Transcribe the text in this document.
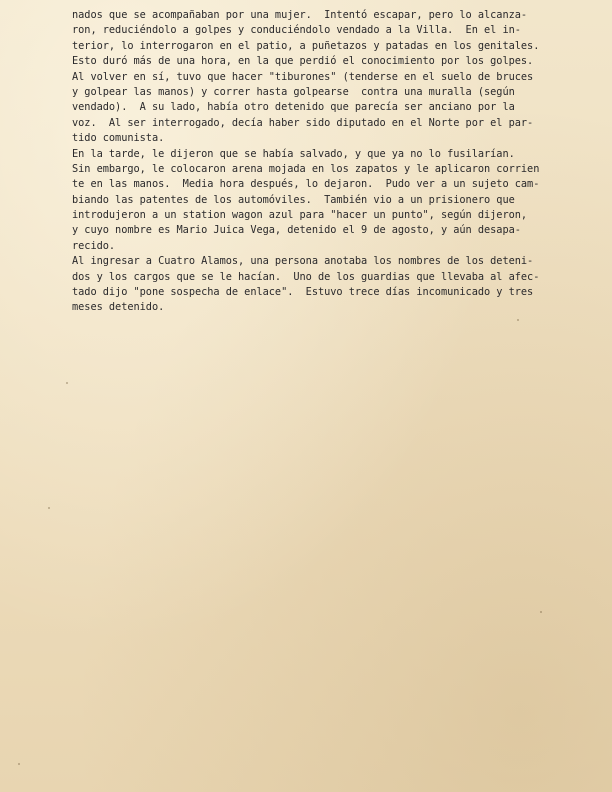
nados que se acompañaban por una mujer.  Intentó escapar, pero lo alcanza-
ron, reduciéndolo a golpes y conduciéndolo vendado a la Villa.  En el in-
terior, lo interrogaron en el patio, a puñetazos y patadas en los genitales.
Esto duró más de una hora, en la que perdió el conocimiento por los golpes.
Al volver en sí, tuvo que hacer "tiburones" (tenderse en el suelo de bruces
y golpear las manos) y correr hasta golpearse  contra una muralla (según
vendado).  A su lado, había otro detenido que parecía ser anciano por la
voz.  Al ser interrogado, decía haber sido diputado en el Norte por el par-
tido comunista.
En la tarde, le dijeron que se había salvado, y que ya no lo fusilarían.
Sin embargo, le colocaron arena mojada en los zapatos y le aplicaron corrien
te en las manos.  Media hora después, lo dejaron.  Pudo ver a un sujeto cam-
biando las patentes de los automóviles.  También vio a un prisionero que
introdujeron a un station wagon azul para "hacer un punto", según dijeron,
y cuyo nombre es Mario Juica Vega, detenido el 9 de agosto, y aún desapa-
recido.
Al ingresar a Cuatro Alamos, una persona anotaba los nombres de los deteni-
dos y los cargos que se le hacían.  Uno de los guardias que llevaba al afec-
tado dijo "pone sospecha de enlace".  Estuvo trece días incomunicado y tres
meses detenido.
